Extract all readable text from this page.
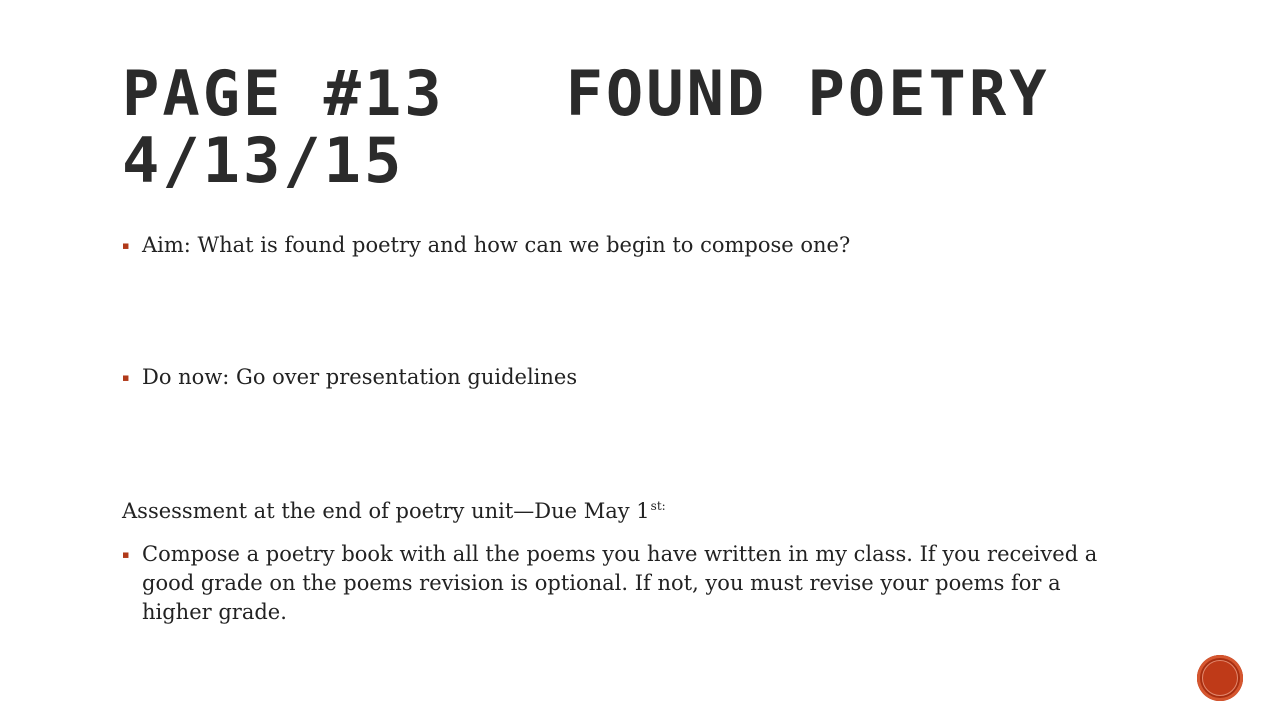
PAGE #13   FOUND POETRY
4/13/15
▪ Aim: What is found poetry and how can we begin to compose one?
▪ Do now: Go over presentation guidelines
Assessment at the end of poetry unit—Due May $1^{st:}$
▪ Compose a poetry book with all the poems you have written in my class. If you received a good grade on the poems revision is optional. If not, you must revise your poems for a higher grade.
